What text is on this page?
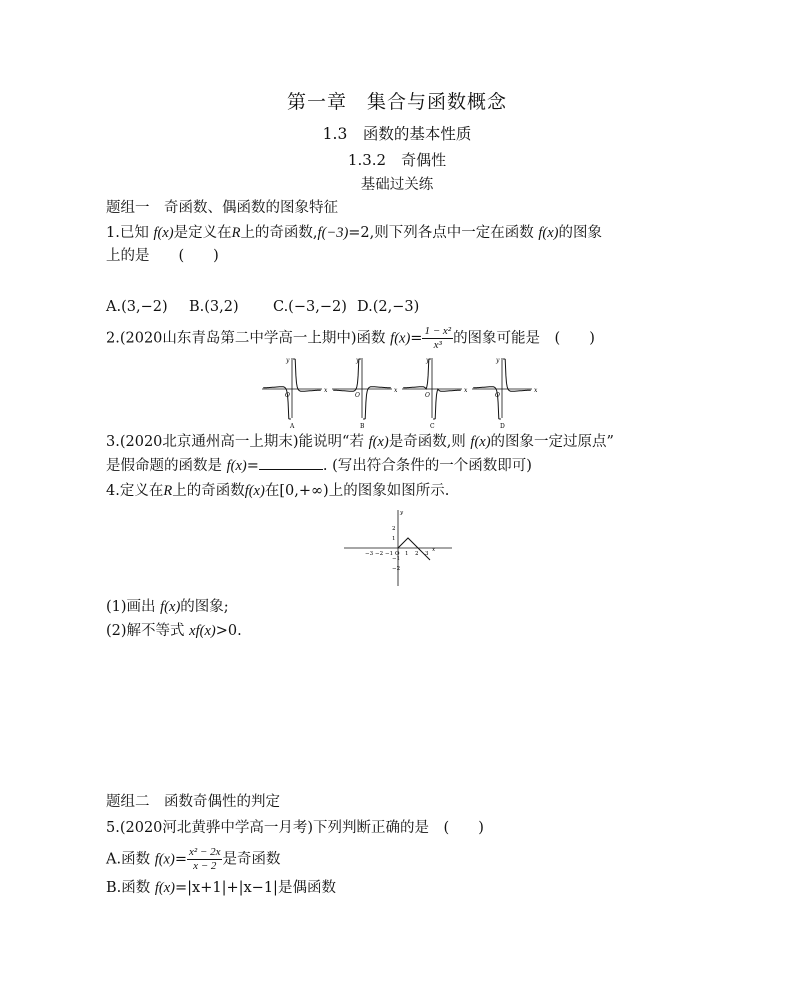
第一章　集合与函数概念
1.3　函数的基本性质
1.3.2　奇偶性
基础过关练
题组一　奇函数、偶函数的图象特征
1.已知 f(x)是定义在R上的奇函数,f(−3)=2,则下列各点中一定在函数 f(x)的图象
上的是　　(　　)
A.(3,−2) B.(3,2) C.(−3,−2) D.(2,−3)
2.(2020山东青岛第二中学高一上期中)函数 $f(x)= \frac{\text{1 − x²}}{\text{x³}}$ 的图象可能是　(　　)
x
y
O
A
x
y
O
B
x
y
O
C
x
y
O
D
3.(2020北京通州高一上期末)能说明“若 f(x)是奇函数,则 f(x)的图象一定过原点”
是假命题的函数是 f(x)=	. (写出符合条件的一个函数即可)
4.定义在R上的奇函数f(x)在[0,+∞)上的图象如图所示.
−3 −2 −1 O 1 2 3
x
y
2
1
−1
−2
(1)画出 f(x)的图象;
(2)解不等式 xf(x)>0.
题组二　函数奇偶性的判定
5.(2020河北黄骅中学高一月考)下列判断正确的是　(　　)
A.函数 $f(x)= \frac{\text{x² − 2x}}{x - 2}$ 是奇函数
B.函数 f(x)=|x+1|+|x−1|是偶函数
